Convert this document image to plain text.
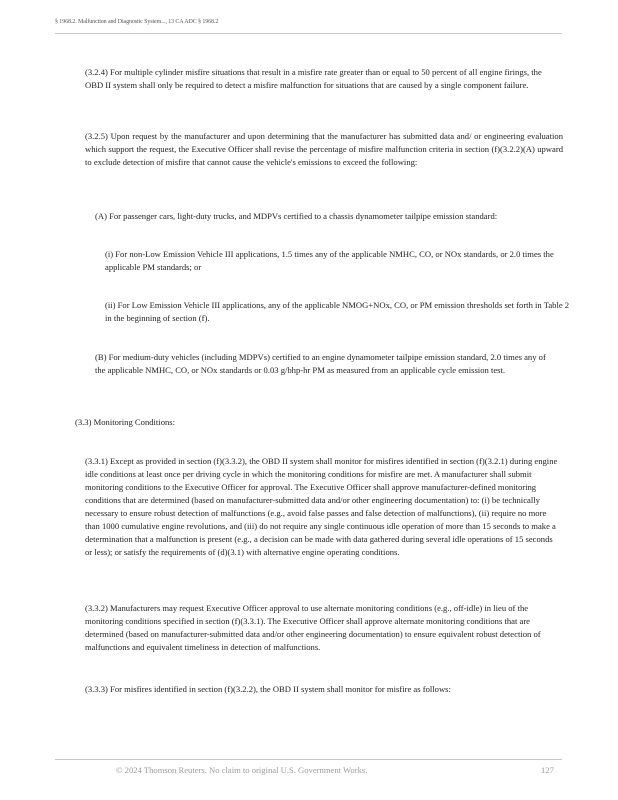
§ 1968.2. Malfunction and Diagnostic System..., 13 CA ADC § 1968.2

(3.2.4) For multiple cylinder misfire situations that result in a misfire rate greater than or equal to 50 percent of all engine firings, the OBD II system shall only be required to detect a misfire malfunction for situations that are caused by a single component failure.

(3.2.5) Upon request by the manufacturer and upon determining that the manufacturer has submitted data and/ or engineering evaluation which support the request, the Executive Officer shall revise the percentage of misfire malfunction criteria in section (f)(3.2.2)(A) upward to exclude detection of misfire that cannot cause the vehicle's emissions to exceed the following:

(A) For passenger cars, light-duty trucks, and MDPVs certified to a chassis dynamometer tailpipe emission standard:

(i) For non-Low Emission Vehicle III applications, 1.5 times any of the applicable NMHC, CO, or NOx standards, or 2.0 times the applicable PM standards; or

(ii) For Low Emission Vehicle III applications, any of the applicable NMOG+NOx, CO, or PM emission thresholds set forth in Table 2 in the beginning of section (f).

(B) For medium-duty vehicles (including MDPVs) certified to an engine dynamometer tailpipe emission standard, 2.0 times any of the applicable NMHC, CO, or NOx standards or 0.03 g/bhp-hr PM as measured from an applicable cycle emission test.

(3.3) Monitoring Conditions:

(3.3.1) Except as provided in section (f)(3.3.2), the OBD II system shall monitor for misfires identified in section (f)(3.2.1) during engine idle conditions at least once per driving cycle in which the monitoring conditions for misfire are met. A manufacturer shall submit monitoring conditions to the Executive Officer for approval. The Executive Officer shall approve manufacturer-defined monitoring conditions that are determined (based on manufacturer-submitted data and/or other engineering documentation) to: (i) be technically necessary to ensure robust detection of malfunctions (e.g., avoid false passes and false detection of malfunctions), (ii) require no more than 1000 cumulative engine revolutions, and (iii) do not require any single continuous idle operation of more than 15 seconds to make a determination that a malfunction is present (e.g., a decision can be made with data gathered during several idle operations of 15 seconds or less); or satisfy the requirements of (d)(3.1) with alternative engine operating conditions.

(3.3.2) Manufacturers may request Executive Officer approval to use alternate monitoring conditions (e.g., off-idle) in lieu of the monitoring conditions specified in section (f)(3.3.1). The Executive Officer shall approve alternate monitoring conditions that are determined (based on manufacturer-submitted data and/or other engineering documentation) to ensure equivalent robust detection of malfunctions and equivalent timeliness in detection of malfunctions.

(3.3.3) For misfires identified in section (f)(3.2.2), the OBD II system shall monitor for misfire as follows:

© 2024 Thomson Reuters. No claim to original U.S. Government Works.	127
